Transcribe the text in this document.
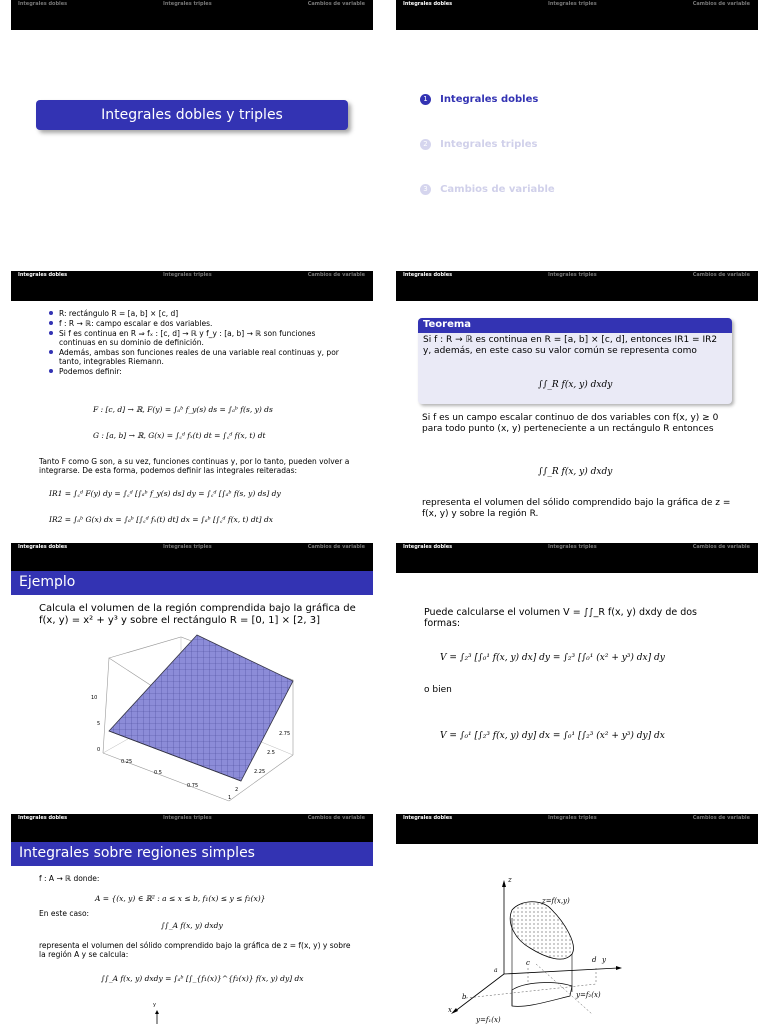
Integrales dobles	Integrales triples	Cambios de variable
Integrales dobles y triples
Integrales dobles	Integrales triples	Cambios de variable
1 Integrales dobles
2 Integrales triples
3 Cambios de variable
Integrales dobles	Integrales triples	Cambios de variable
R: rectángulo R = [a, b] × [c, d]
f : R → ℝ: campo escalar e dos variables.
Si f es continua en R ⇒ fₓ : [c, d] → ℝ y f_y : [a, b] → ℝ son funciones continuas en su dominio de definición.
Además, ambas son funciones reales de una variable real continuas y, por tanto, integrables Riemann.
Podemos definir:
F : [c, d] → ℝ, F(y) = ∫ₐᵇ f_y(s) ds = ∫ₐᵇ f(s, y) ds
G : [a, b] → ℝ, G(x) = ∫꜀ᵈ fₓ(t) dt = ∫꜀ᵈ f(x, t) dt
Tanto F como G son, a su vez, funciones continuas y, por lo tanto, pueden volver a integrarse. De esta forma, podemos definir las integrales reiteradas:
IR1 = ∫꜀ᵈ F(y) dy = ∫꜀ᵈ [∫ₐᵇ f_y(s) ds] dy = ∫꜀ᵈ [∫ₐᵇ f(s, y) ds] dy
IR2 = ∫ₐᵇ G(x) dx = ∫ₐᵇ [∫꜀ᵈ fₓ(t) dt] dx = ∫ₐᵇ [∫꜀ᵈ f(x, t) dt] dx
Integrales dobles	Integrales triples	Cambios de variable
Teorema
Si f : R → ℝ es continua en R = [a, b] × [c, d], entonces IR1 = IR2 y, además, en este caso su valor común se representa como
∫∫_R f(x, y) dxdy
Si f es un campo escalar continuo de dos variables con f(x, y) ≥ 0 para todo punto (x, y) perteneciente a un rectángulo R entonces
∫∫_R f(x, y) dxdy
representa el volumen del sólido comprendido bajo la gráfica de z = f(x, y) y sobre la región R.
Integrales dobles	Integrales triples	Cambios de variable
Ejemplo
Calcula el volumen de la región comprendida bajo la gráfica de f(x, y) = x² + y³ y sobre el rectángulo R = [0, 1] × [2, 3]
10
5
0
0.25
0.5
0.75
1
2.75
2.5
2.25
2
Integrales dobles	Integrales triples	Cambios de variable
Puede calcularse el volumen V = ∫∫_R f(x, y) dxdy de dos formas:
V = ∫₂³ [∫₀¹ f(x, y) dx] dy = ∫₂³ [∫₀¹ (x² + y³) dx] dy
o bien
V = ∫₀¹ [∫₂³ f(x, y) dy] dx = ∫₀¹ [∫₂³ (x² + y³) dy] dx
Integrales dobles	Integrales triples	Cambios de variable
Integrales sobre regiones simples
f : A → ℝ donde:
A = {(x, y) ∈ ℝ² : a ≤ x ≤ b, f₁(x) ≤ y ≤ f₂(x)}
En este caso:
∫∫_A f(x, y) dxdy
representa el volumen del sólido comprendido bajo la gráfica de z = f(x, y) y sobre la región A y se calcula:
∫∫_A f(x, y) dxdy = ∫ₐᵇ [∫_{f₁(x)}^{f₂(x)} f(x, y) dy] dx
y
Integrales dobles	Integrales triples	Cambios de variable
z
z=f(x,y)
c	d y
a
b
x
y=f₂(x)
y=f₁(x)
